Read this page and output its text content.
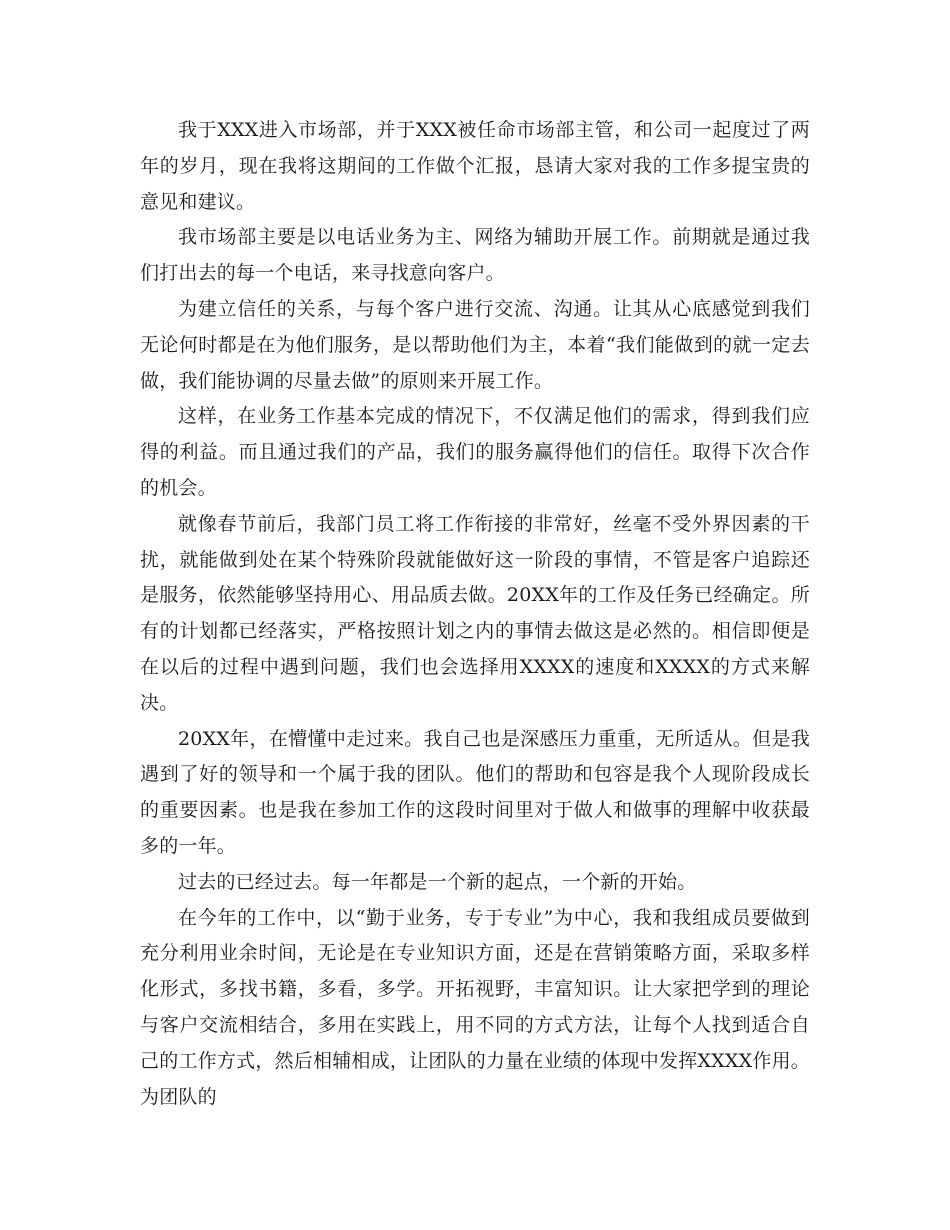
我于XXX进入市场部，并于XXX被任命市场部主管，和公司一起度过了两年的岁月，现在我将这期间的工作做个汇报，恳请大家对我的工作多提宝贵的意见和建议。

我市场部主要是以电话业务为主、网络为辅助开展工作。前期就是通过我们打出去的每一个电话，来寻找意向客户。

为建立信任的关系，与每个客户进行交流、沟通。让其从心底感觉到我们无论何时都是在为他们服务，是以帮助他们为主，本着“我们能做到的就一定去做，我们能协调的尽量去做”的原则来开展工作。

这样，在业务工作基本完成的情况下，不仅满足他们的需求，得到我们应得的利益。而且通过我们的产品，我们的服务赢得他们的信任。取得下次合作的机会。

就像春节前后，我部门员工将工作衔接的非常好，丝毫不受外界因素的干扰，就能做到处在某个特殊阶段就能做好这一阶段的事情，不管是客户追踪还是服务，依然能够坚持用心、用品质去做。20XX年的工作及任务已经确定。所有的计划都已经落实，严格按照计划之内的事情去做这是必然的。相信即便是在以后的过程中遇到问题，我们也会选择用XXXX的速度和XXXX的方式来解决。

20XX年，在懵懂中走过来。我自己也是深感压力重重，无所适从。但是我遇到了好的领导和一个属于我的团队。他们的帮助和包容是我个人现阶段成长的重要因素。也是我在参加工作的这段时间里对于做人和做事的理解中收获最多的一年。

过去的已经过去。每一年都是一个新的起点，一个新的开始。

在今年的工作中，以“勤于业务，专于专业”为中心，我和我组成员要做到充分利用业余时间，无论是在专业知识方面，还是在营销策略方面，采取多样化形式，多找书籍，多看，多学。开拓视野，丰富知识。让大家把学到的理论与客户交流相结合，多用在实践上，用不同的方式方法，让每个人找到适合自己的工作方式，然后相辅相成，让团队的力量在业绩的体现中发挥XXXX作用。为团队的
